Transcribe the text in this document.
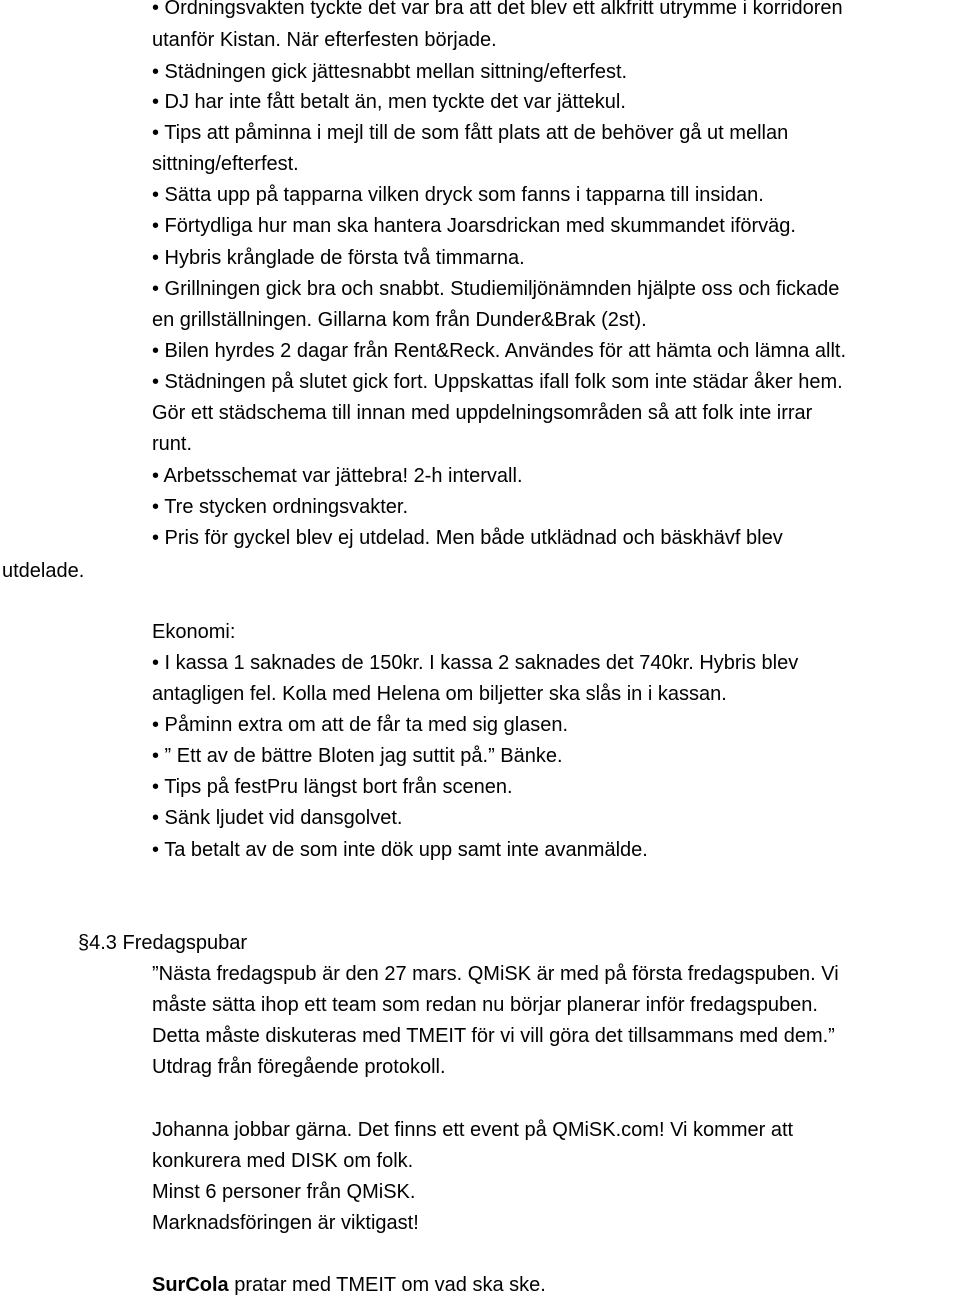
• Ordningsvakten tyckte det var bra att det blev ett alkfritt utrymme i korridoren
utanför Kistan. När efterfesten började.
• Städningen gick jättesnabbt mellan sittning/efterfest.
• DJ har inte fått betalt än, men tyckte det var jättekul.
• Tips att påminna i mejl till de som fått plats att de behöver gå ut mellan
sittning/efterfest.
• Sätta upp på tapparna vilken dryck som fanns i tapparna till insidan.
• Förtydliga hur man ska hantera Joarsdrickan med skummandet iförväg.
• Hybris krånglade de första två timmarna.
• Grillningen gick bra och snabbt. Studiemiljönämnden hjälpte oss och fickade
en grillställningen. Gillarna kom från Dunder&Brak (2st).
• Bilen hyrdes 2 dagar från Rent&Reck. Användes för att hämta och lämna allt.
• Städningen på slutet gick fort. Uppskattas ifall folk som inte städar åker hem.
Gör ett städschema till innan med uppdelningsområden så att folk inte irrar
runt.
• Arbetsschemat var jättebra! 2-h intervall.
• Tre stycken ordningsvakter.
• Pris för gyckel blev ej utdelad. Men både utklädnad och bäskhävf blev
utdelade.
Ekonomi:
• I kassa 1 saknades de 150kr. I kassa 2 saknades det 740kr. Hybris blev
antagligen fel. Kolla med Helena om biljetter ska slås in i kassan.
• Påminn extra om att de får ta med sig glasen.
• ” Ett av de bättre Bloten jag suttit på.” Bänke.
• Tips på festPru längst bort från scenen.
• Sänk ljudet vid dansgolvet.
• Ta betalt av de som inte dök upp samt inte avanmälde.
§4.3 Fredagspubar
”Nästa fredagspub är den 27 mars. QMiSK är med på första fredagspuben. Vi
måste sätta ihop ett team som redan nu börjar planerar inför fredagspuben.
Detta måste diskuteras med TMEIT för vi vill göra det tillsammans med dem.”
Utdrag från föregående protokoll.
Johanna jobbar gärna. Det finns ett event på QMiSK.com! Vi kommer att
konkurera med DISK om folk.
Minst 6 personer från QMiSK.
Marknadsföringen är viktigast!
SurCola pratar med TMEIT om vad ska ske.
